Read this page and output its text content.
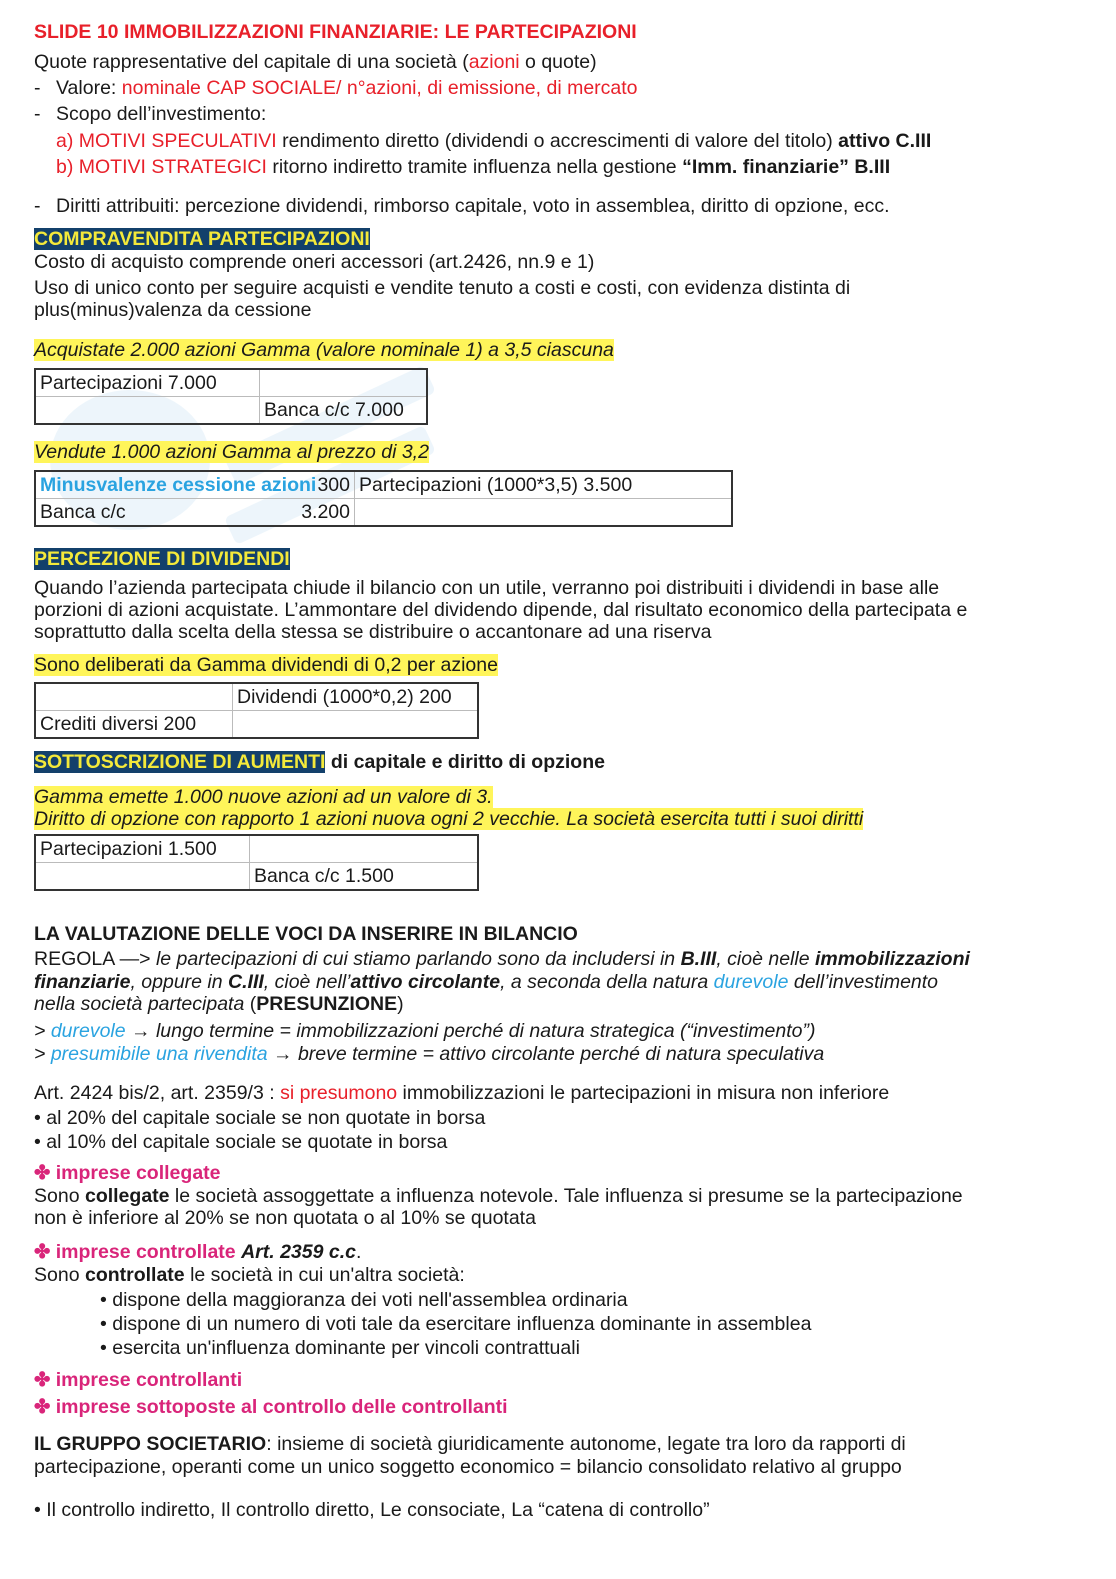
SLIDE 10 IMMOBILIZZAZIONI FINANZIARIE: LE PARTECIPAZIONI
Quote rappresentative del capitale di una società (azioni o quote)
- Valore: nominale CAP SOCIALE/ n°azioni, di emissione, di mercato
- Scopo dell’investimento:
a) MOTIVI SPECULATIVI rendimento diretto (dividendi o accrescimenti di valore del titolo) attivo C.III
b) MOTIVI STRATEGICI ritorno indiretto tramite influenza nella gestione “Imm. finanziarie” B.III
- Diritti attribuiti: percezione dividendi, rimborso capitale, voto in assemblea, diritto di opzione, ecc.
COMPRAVENDITA PARTECIPAZIONI
Costo di acquisto comprende oneri accessori (art.2426, nn.9 e 1)
Uso di unico conto per seguire acquisti e vendite tenuto a costi e costi, con evidenza distinta di
plus(minus)valenza da cessione
Acquistate 2.000 azioni Gamma (valore nominale 1) a 3,5 ciascuna
Partecipazioni 7.000	
	Banca c/c 7.000
Vendute 1.000 azioni Gamma al prezzo di 3,2
Minusvalenze cessione azioni 300	Partecipazioni (1000*3,5) 3.500
Banca c/c 3.200	

PERCEZIONE DI DIVIDENDI
Quando l’azienda partecipata chiude il bilancio con un utile, verranno poi distribuiti i dividendi in base alle
porzioni di azioni acquistate. L’ammontare del dividendo dipende, dal risultato economico della partecipata e
soprattutto dalla scelta della stessa se distribuire o accantonare ad una riserva
Sono deliberati da Gamma dividendi di 0,2 per azione
	Dividendi (1000*0,2) 200
Crediti diversi 200	
SOTTOSCRIZIONE DI AUMENTI di capitale e diritto di opzione
Gamma emette 1.000 nuove azioni ad un valore di 3.
Diritto di opzione con rapporto 1 azioni nuova ogni 2 vecchie. La società esercita tutti i suoi diritti
Partecipazioni 1.500	
	Banca c/c 1.500
LA VALUTAZIONE DELLE VOCI DA INSERIRE IN BILANCIO
REGOLA —> le partecipazioni di cui stiamo parlando sono da includersi in B.III, cioè nelle immobilizzazioni
finanziarie, oppure in C.III, cioè nell’attivo circolante, a seconda della natura durevole dell’investimento
nella società partecipata (PRESUNZIONE)
> durevole → lungo termine = immobilizzazioni perché di natura strategica (“investimento”)
> presumibile una rivendita → breve termine = attivo circolante perché di natura speculativa
Art. 2424 bis/2, art. 2359/3 : si presumono immobilizzazioni le partecipazioni in misura non inferiore
• al 20% del capitale sociale se non quotate in borsa
• al 10% del capitale sociale se quotate in borsa
✤ imprese collegate
Sono collegate le società assoggettate a influenza notevole. Tale influenza si presume se la partecipazione
non è inferiore al 20% se non quotata o al 10% se quotata
✤ imprese controllate Art. 2359 c.c.
Sono controllate le società in cui un'altra società:
• dispone della maggioranza dei voti nell'assemblea ordinaria
• dispone di un numero di voti tale da esercitare influenza dominante in assemblea
• esercita un'influenza dominante per vincoli contrattuali
✤ imprese controllanti
✤ imprese sottoposte al controllo delle controllanti
IL GRUPPO SOCIETARIO: insieme di società giuridicamente autonome, legate tra loro da rapporti di
partecipazione, operanti come un unico soggetto economico = bilancio consolidato relativo al gruppo
• Il controllo indiretto, Il controllo diretto, Le consociate, La “catena di controllo”
